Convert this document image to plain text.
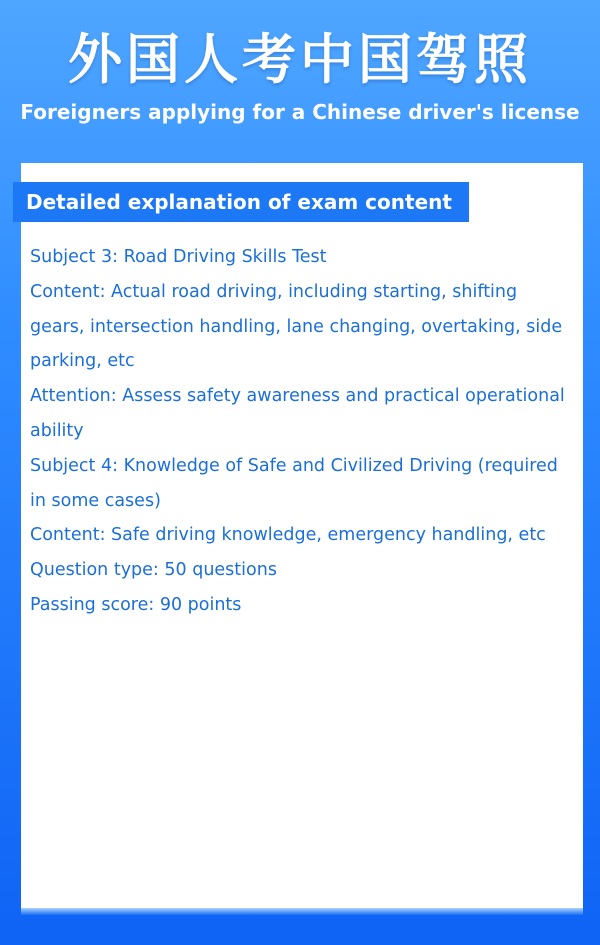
外国人考中国驾照
Foreigners applying for a Chinese driver's license
Detailed explanation of exam content
Subject 3: Road Driving Skills Test
Content: Actual road driving, including starting, shifting gears, intersection handling, lane changing, overtaking, side parking, etc
Attention: Assess safety awareness and practical operational ability
Subject 4: Knowledge of Safe and Civilized Driving (required in some cases)
Content: Safe driving knowledge, emergency handling, etc
Question type: 50 questions
Passing score: 90 points
